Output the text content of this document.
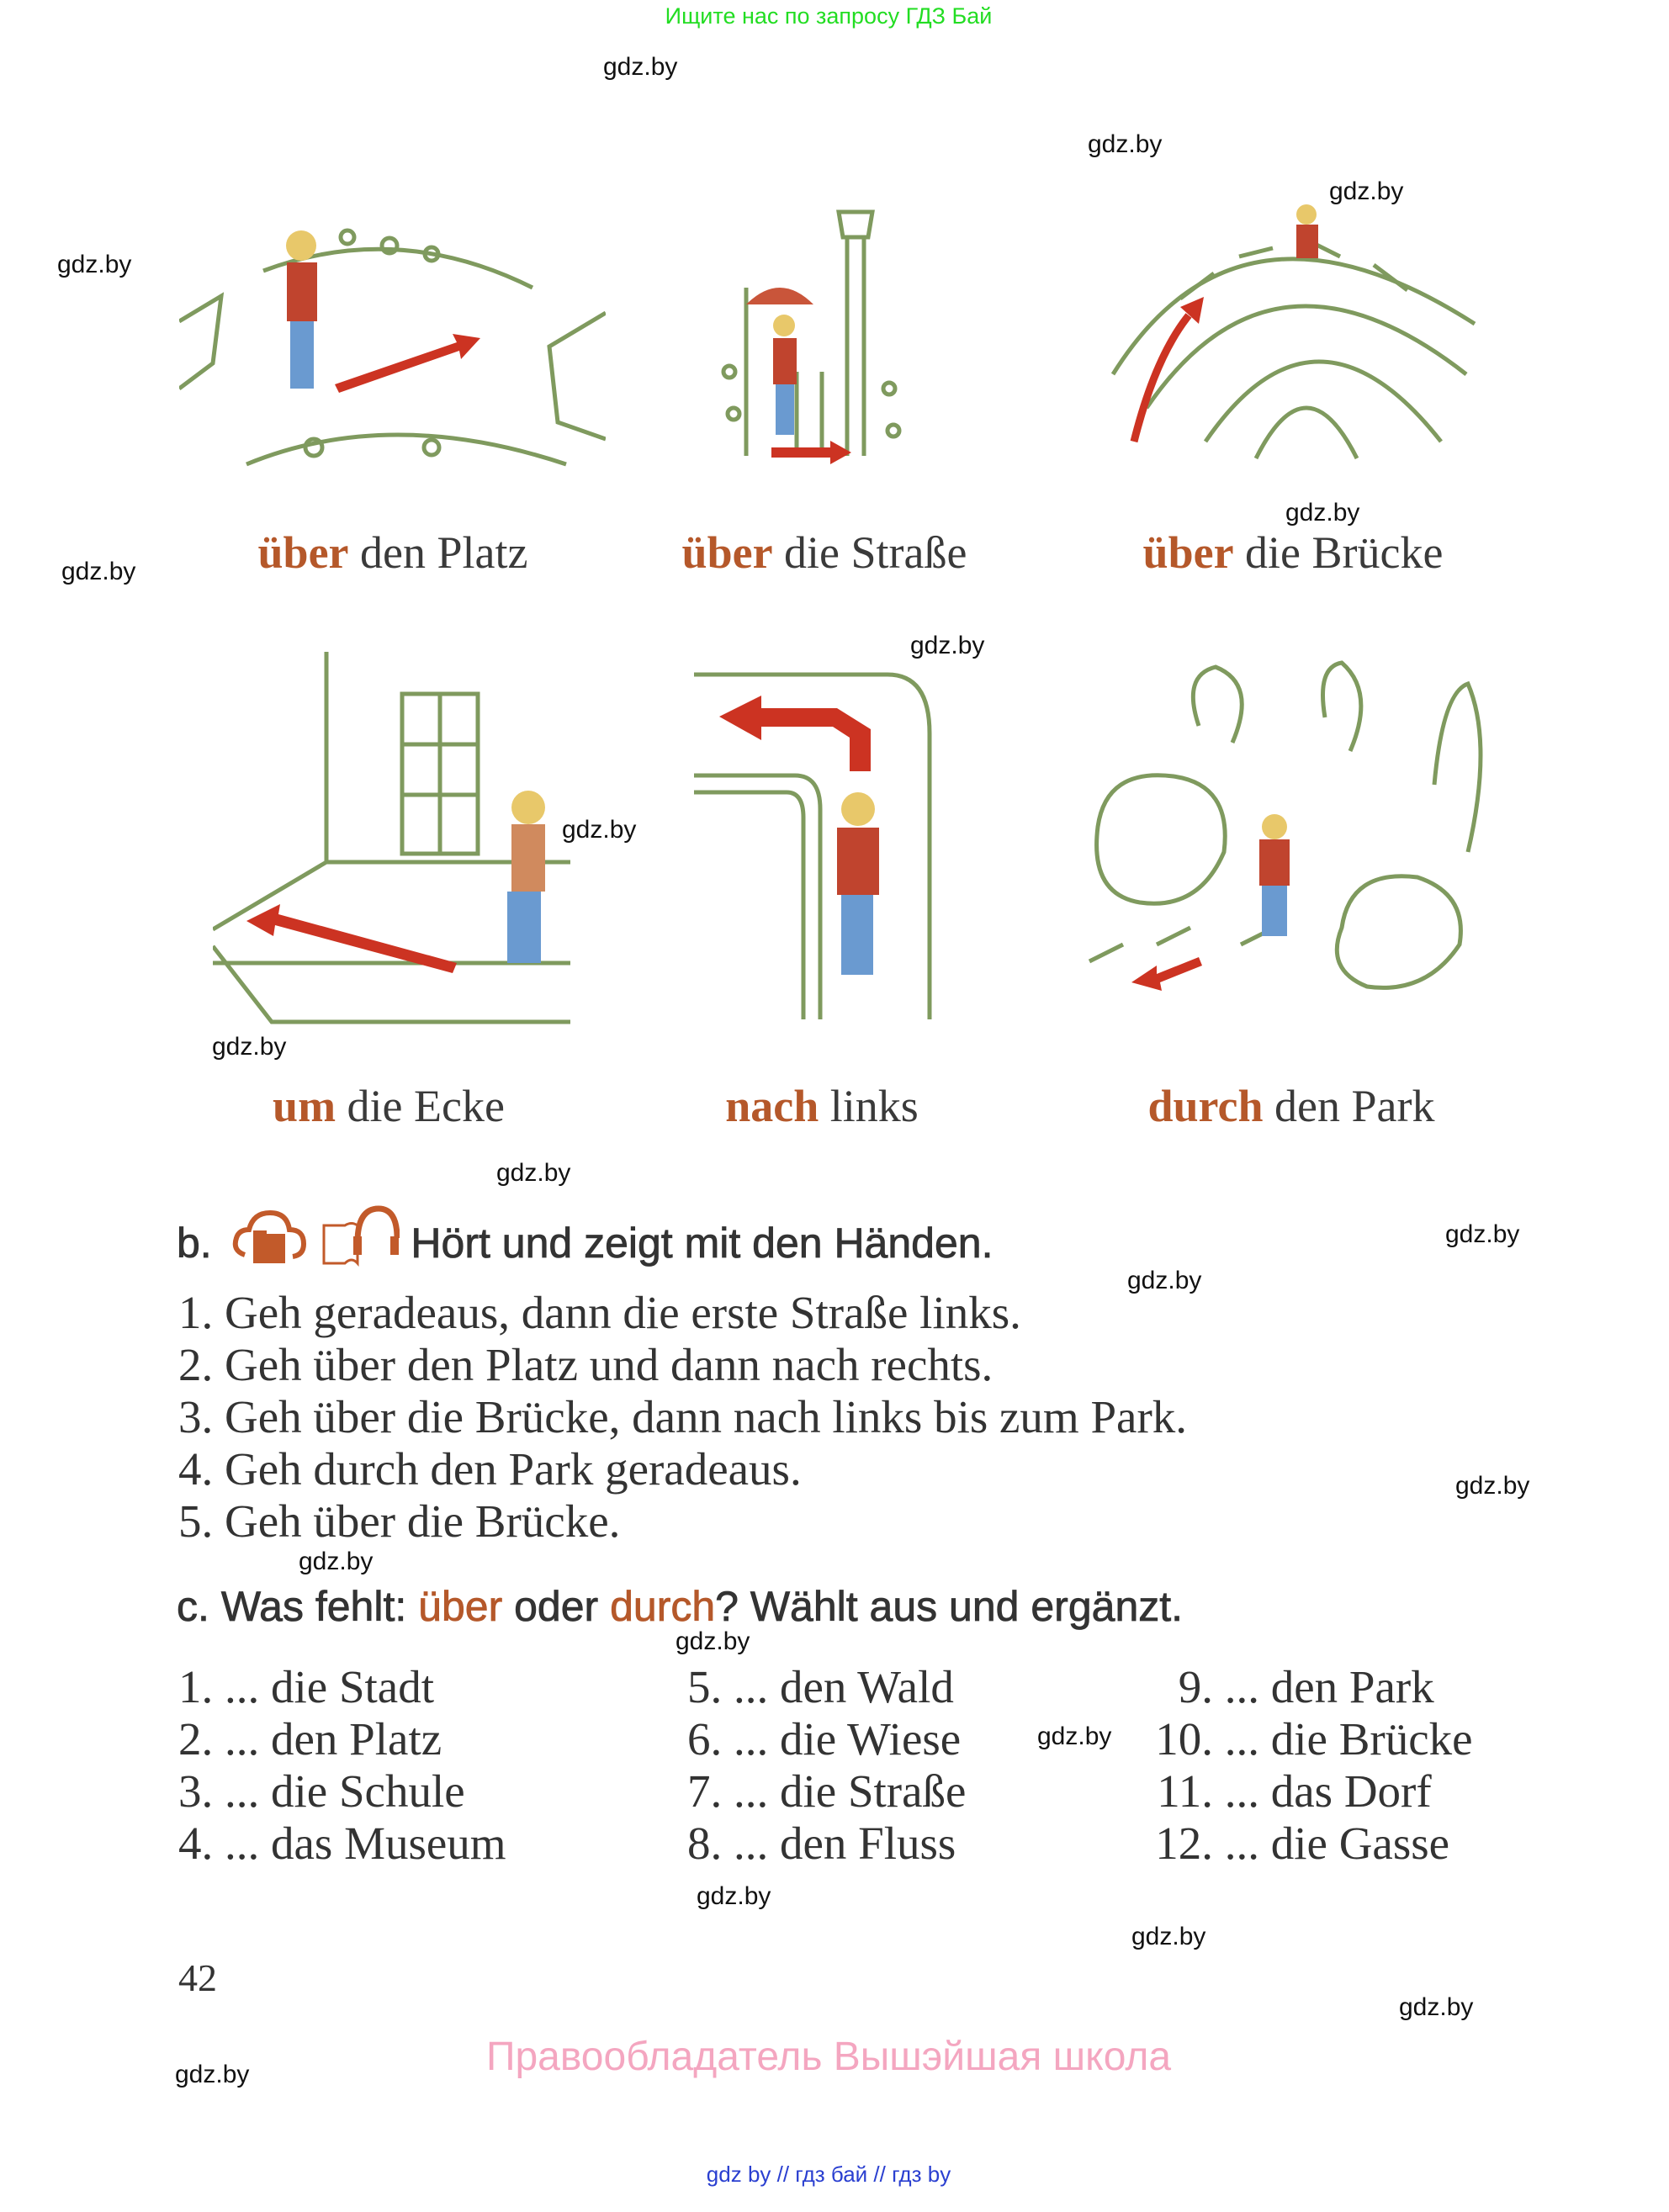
Ищите нас по запросу ГДЗ Бай
gdz.by
gdz.by
gdz.by
gdz.by
gdz.by
gdz.by
gdz.by
gdz.by
gdz.by
gdz.by
gdz.by
gdz.by
gdz.by
gdz.by
gdz.by
gdz.by
gdz.by
gdz.by
gdz.by
gdz.by
über den Platz	über die Straße	über die Brücke
um die Ecke	nach links	durch den Park
b.	Hört und zeigt mit den Händen.
1. Geh geradeaus, dann die erste Straße links.
2. Geh über den Platz und dann nach rechts.
3. Geh über die Brücke, dann nach links bis zum Park.
4. Geh durch den Park geradeaus.
5. Geh über die Brücke.
c. Was fehlt: über oder durch? Wählt aus und ergänzt.
1. ... die Stadt
2. ... den Platz
3. ... die Schule
4. ... das Museum
5. ... den Wald
6. ... die Wiese
7. ... die Straße
8. ... den Fluss
9. ... den Park
10. ... die Brücke
11. ... das Dorf
12. ... die Gasse
42
Правообладатель Вышэйшая школа
gdz by // гдз бай // гдз by
